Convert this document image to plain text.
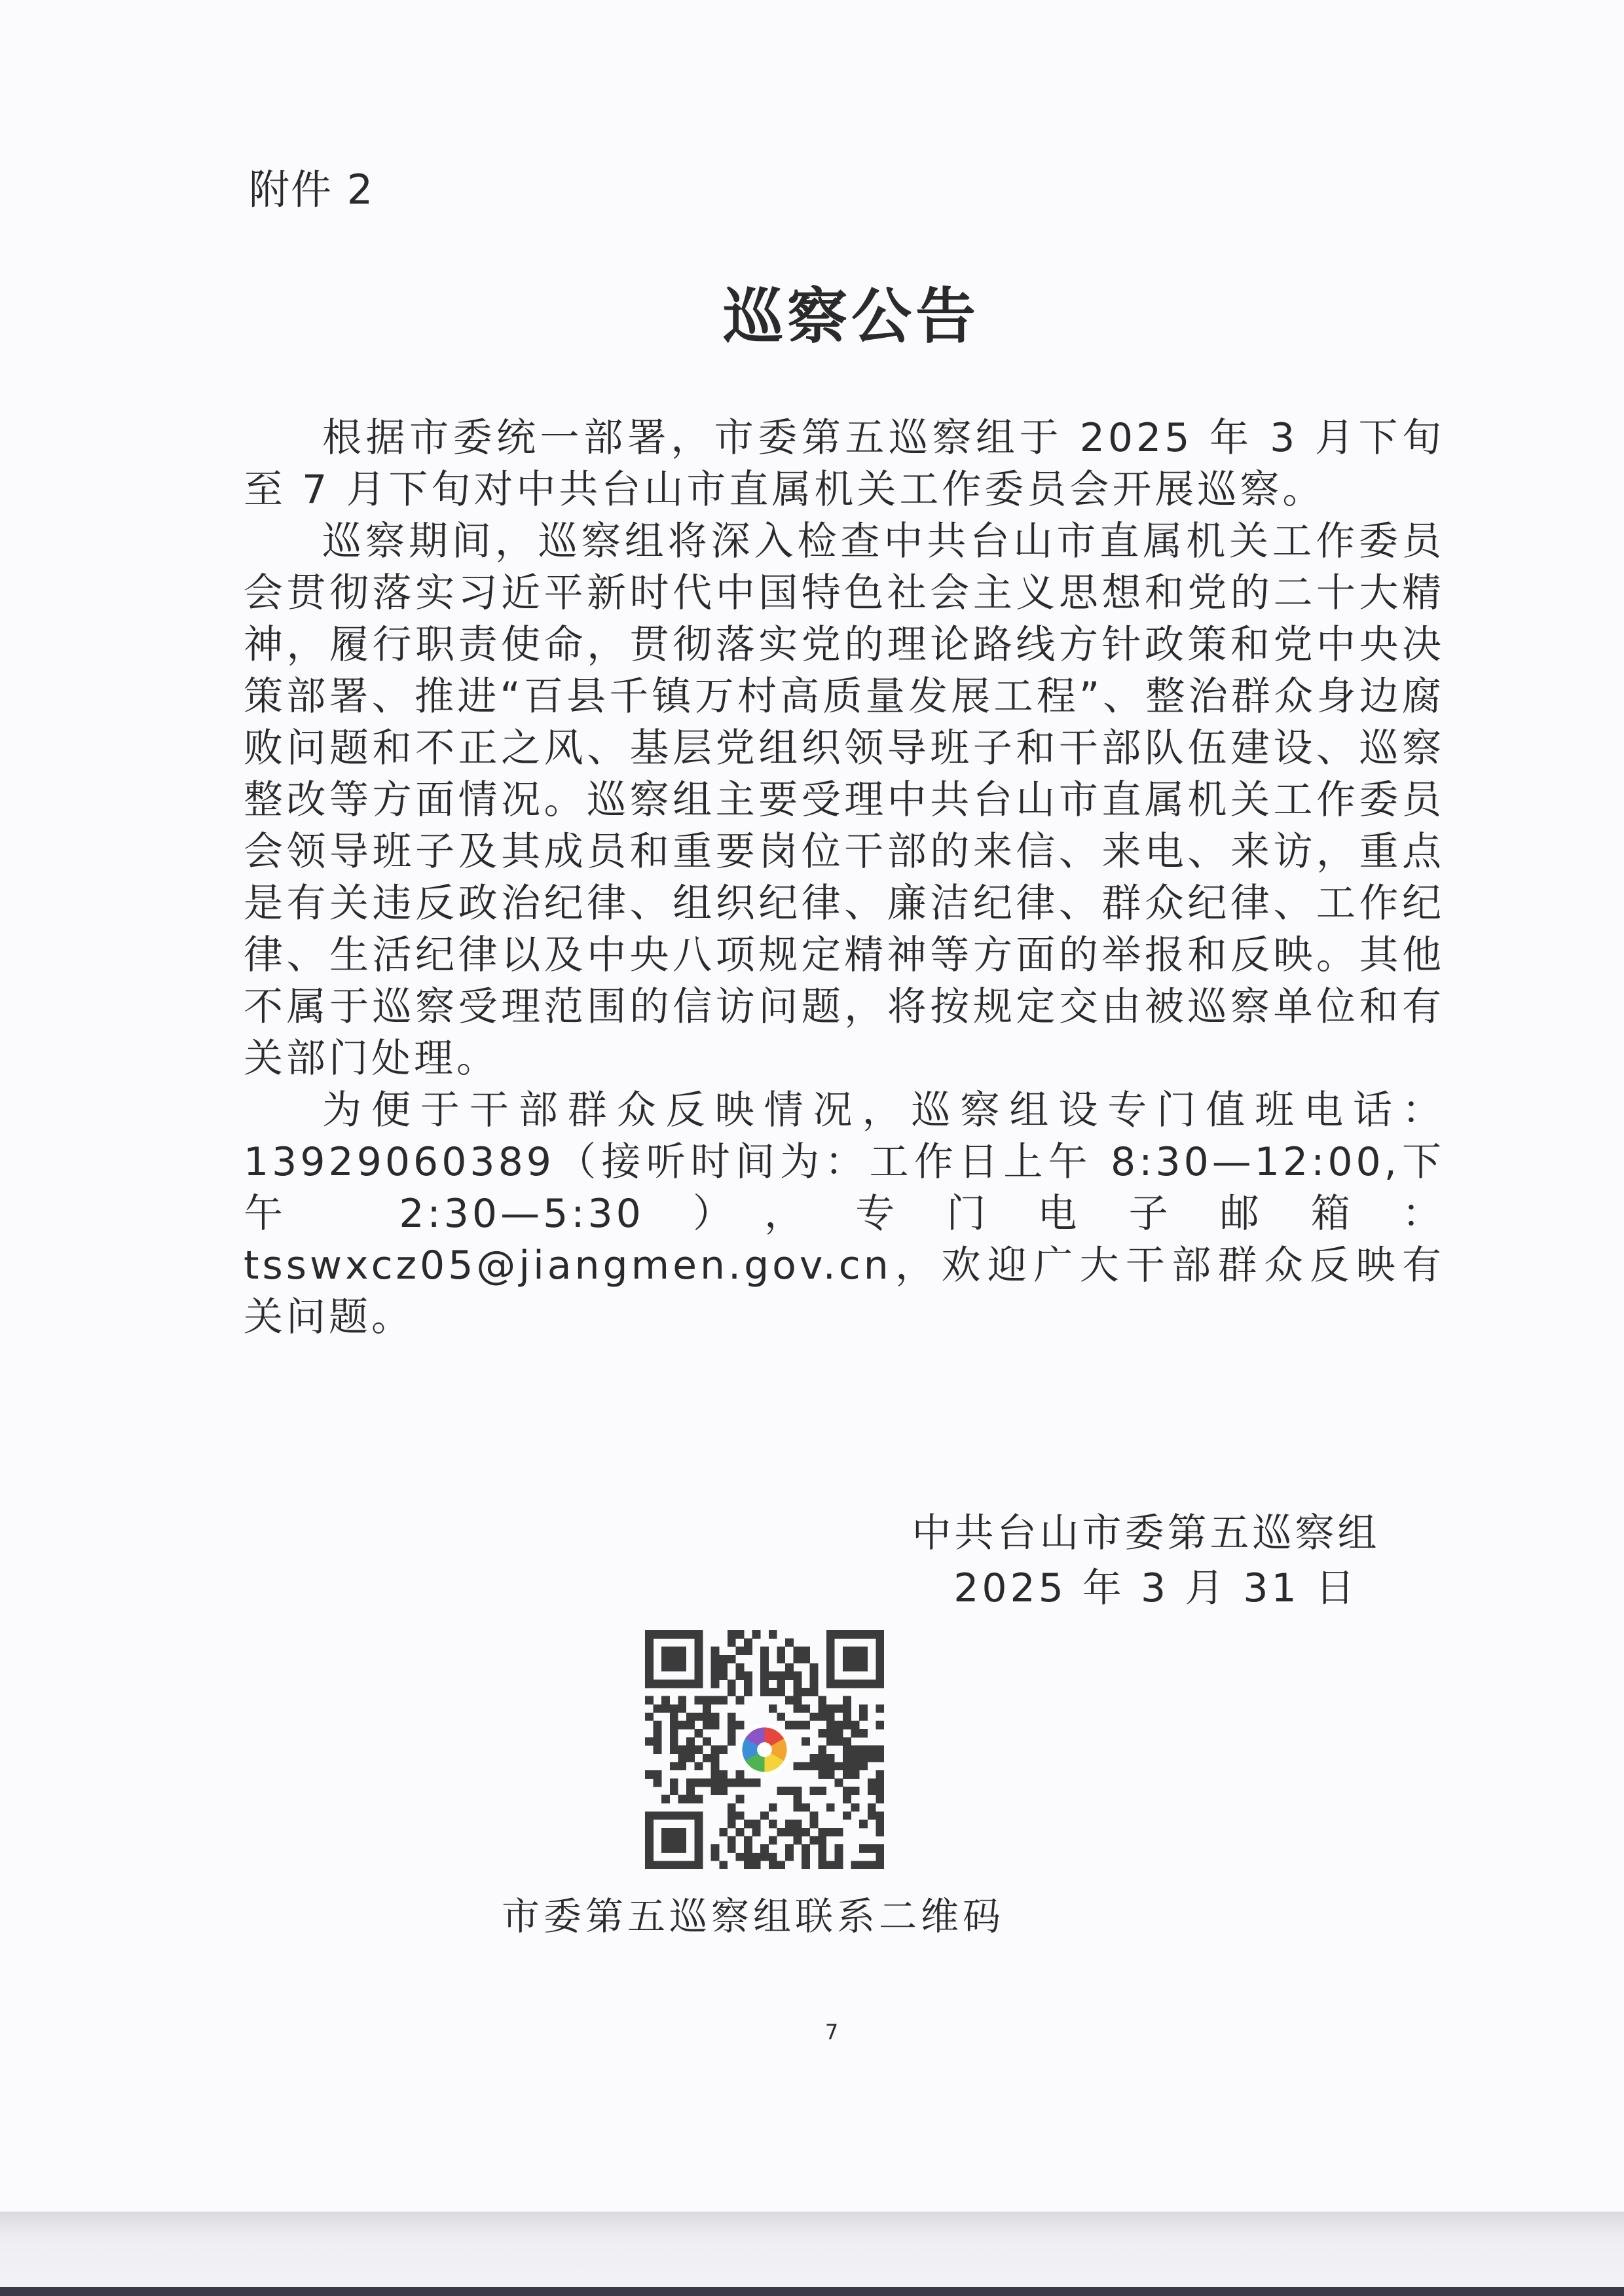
附件 2
巡察公告

根据市委统一部署，市委第五巡察组于 2025 年 3 月下旬至 7 月下旬对中共台山市直属机关工作委员会开展巡察。

巡察期间，巡察组将深入检查中共台山市直属机关工作委员会贯彻落实习近平新时代中国特色社会主义思想和党的二十大精神，履行职责使命，贯彻落实党的理论路线方针政策和党中央决策部署、推进“百县千镇万村高质量发展工程”、整治群众身边腐败问题和不正之风、基层党组织领导班子和干部队伍建设、巡察整改等方面情况。巡察组主要受理中共台山市直属机关工作委员会领导班子及其成员和重要岗位干部的来信、来电、来访，重点是有关违反政治纪律、组织纪律、廉洁纪律、群众纪律、工作纪律、生活纪律以及中央八项规定精神等方面的举报和反映。其他不属于巡察受理范围的信访问题，将按规定交由被巡察单位和有关部门处理。

为便于干部群众反映情况，巡察组设专门值班电话：13929060389（接听时间为：工作日上午 8:30—12:00,下午 2:30—5:30），专门电子邮箱：tsswxcz05@jiangmen.gov.cn，欢迎广大干部群众反映有关问题。

中共台山市委第五巡察组
2025 年 3 月 31 日
市委第五巡察组联系二维码
7
